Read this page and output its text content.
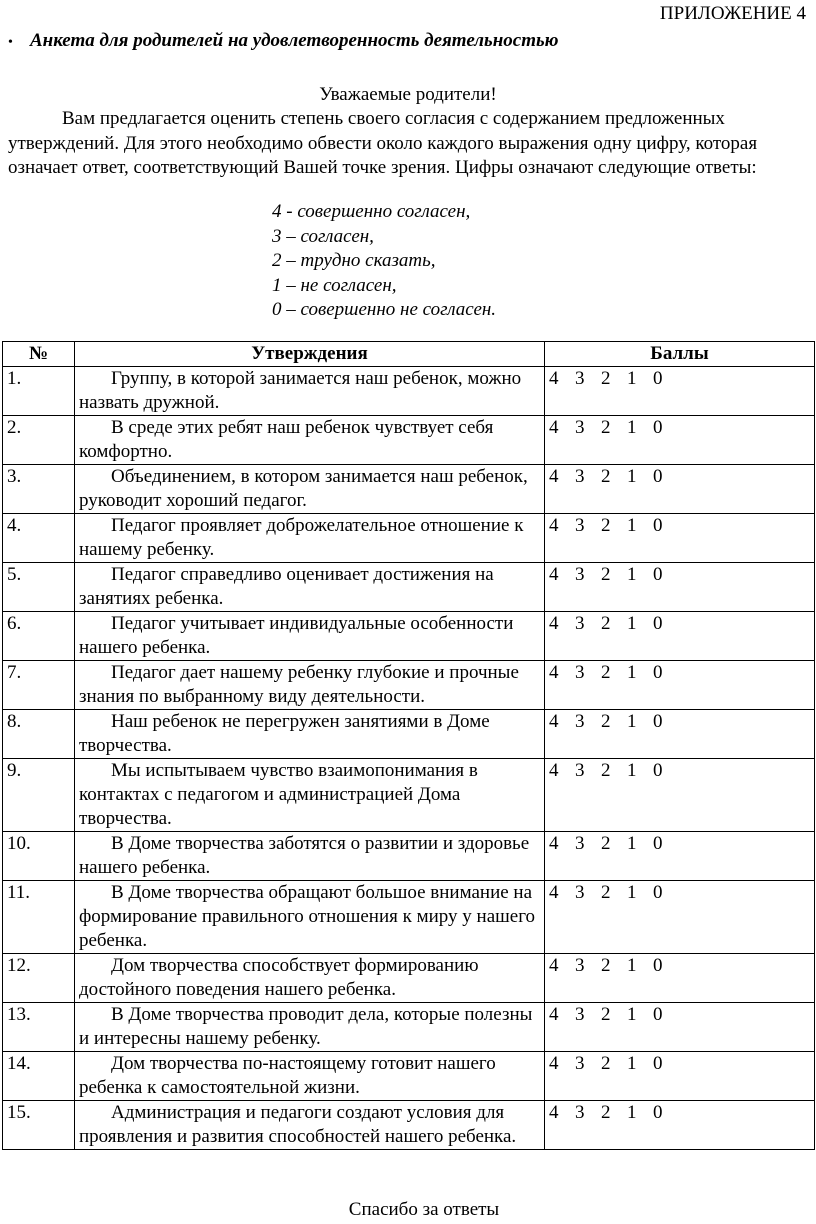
ПРИЛОЖЕНИЕ 4
• Анкета для родителей на удовлетворенность деятельностью
Уважаемые родители!
Вам предлагается оценить степень своего согласия с содержанием предложенных утверждений. Для этого необходимо обвести около каждого выражения одну цифру, которая означает ответ, соответствующий Вашей точке зрения. Цифры означают следующие ответы:
4 - совершенно согласен,
3 – согласен,
2 – трудно сказать,
1 – не согласен,
0 – совершенно не согласен.
№	Утверждения	Баллы
1.	Группу, в которой занимается наш ребенок, можно назвать дружной.	4 3 2 1 0
2.	В среде этих ребят наш ребенок чувствует себя комфортно.	4 3 2 1 0
3.	Объединением, в котором занимается наш ребенок, руководит хороший педагог.	4 3 2 1 0
4.	Педагог проявляет доброжелательное отношение к нашему ребенку.	4 3 2 1 0
5.	Педагог справедливо оценивает достижения на занятиях ребенка.	4 3 2 1 0
6.	Педагог учитывает индивидуальные особенности нашего ребенка.	4 3 2 1 0
7.	Педагог дает нашему ребенку глубокие и прочные знания по выбранному виду деятельности.	4 3 2 1 0
8.	Наш ребенок не перегружен занятиями в Доме творчества.	4 3 2 1 0
9.	Мы испытываем чувство взаимопонимания в контактах с педагогом и администрацией Дома творчества.	4 3 2 1 0
10.	В Доме творчества заботятся о развитии и здоровье нашего ребенка.	4 3 2 1 0
11.	В Доме творчества обращают большое внимание на формирование правильного отношения к миру у нашего ребенка.	4 3 2 1 0
12.	Дом творчества способствует формированию достойного поведения нашего ребенка.	4 3 2 1 0
13.	В Доме творчества проводит дела, которые полезны и интересны нашему ребенку.	4 3 2 1 0
14.	Дом творчества по-настоящему готовит нашего ребенка к самостоятельной жизни.	4 3 2 1 0
15.	Администрация и педагоги создают условия для проявления и развития способностей нашего ребенка.	4 3 2 1 0
Спасибо за ответы
